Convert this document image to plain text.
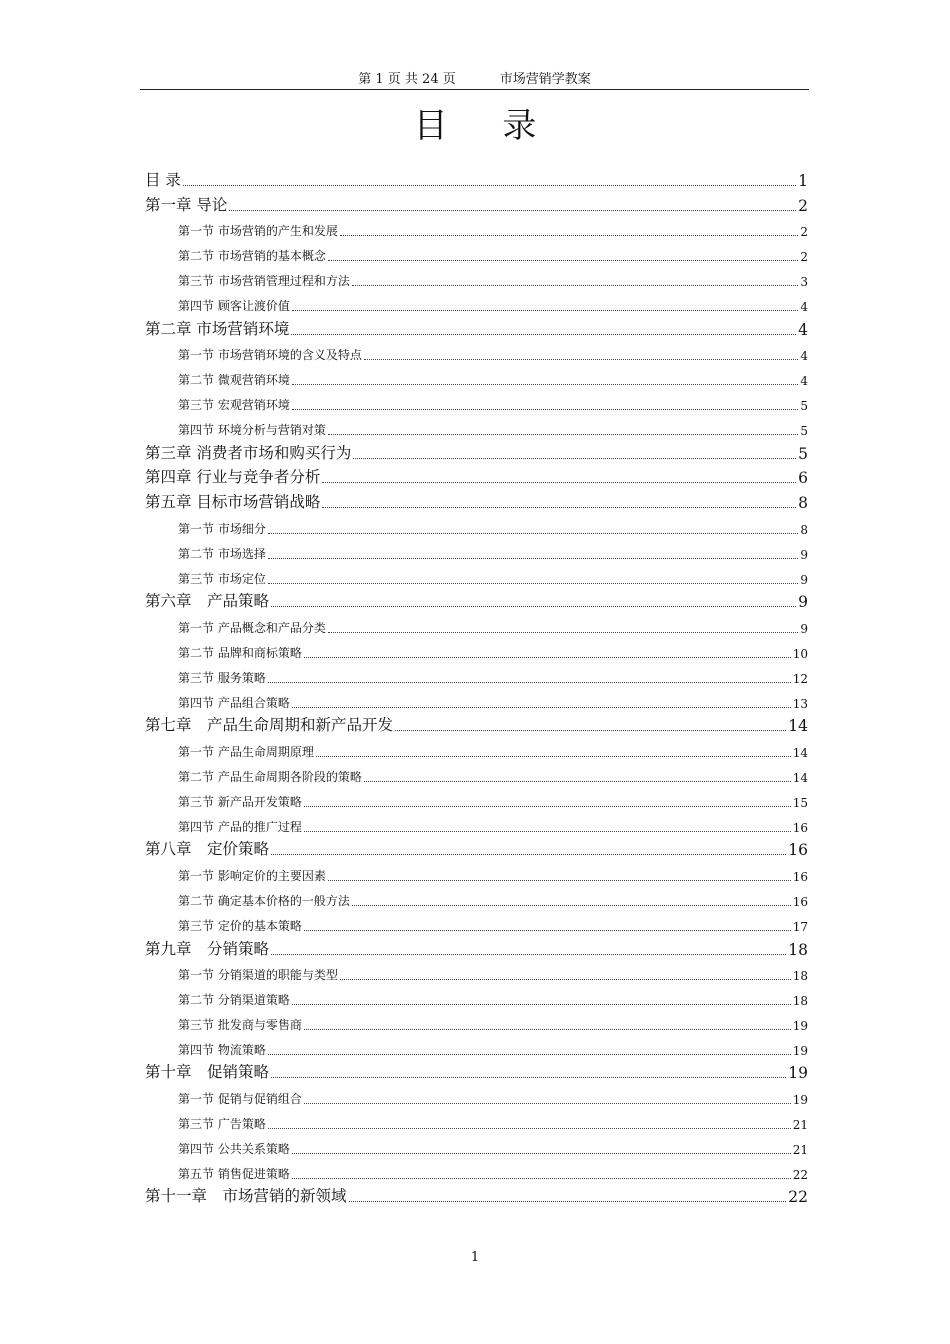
第 1 页 共 24 页	市场营销学教案
目 录
目 录	1
第一章 导论	2
第一节 市场营销的产生和发展	2
第二节 市场营销的基本概念	2
第三节 市场营销管理过程和方法	3
第四节 顾客让渡价值	4
第二章 市场营销环境	4
第一节 市场营销环境的含义及特点	4
第二节 微观营销环境	4
第三节 宏观营销环境	5
第四节 环境分析与营销对策	5
第三章 消费者市场和购买行为	5
第四章 行业与竞争者分析	6
第五章 目标市场营销战略	8
第一节 市场细分	8
第二节 市场选择	9
第三节 市场定位	9
第六章　产品策略	9
第一节 产品概念和产品分类	9
第二节 品牌和商标策略	10
第三节 服务策略	12
第四节 产品组合策略	13
第七章　产品生命周期和新产品开发	14
第一节 产品生命周期原理	14
第二节 产品生命周期各阶段的策略	14
第三节 新产品开发策略	15
第四节 产品的推广过程	16
第八章　定价策略	16
第一节 影响定价的主要因素	16
第二节 确定基本价格的一般方法	16
第三节 定价的基本策略	17
第九章　分销策略	18
第一节 分销渠道的职能与类型	18
第二节 分销渠道策略	18
第三节 批发商与零售商	19
第四节 物流策略	19
第十章　促销策略	19
第一节 促销与促销组合	19
第三节 广告策略	21
第四节 公共关系策略	21
第五节 销售促进策略	22
第十一章　市场营销的新领域	22
1
